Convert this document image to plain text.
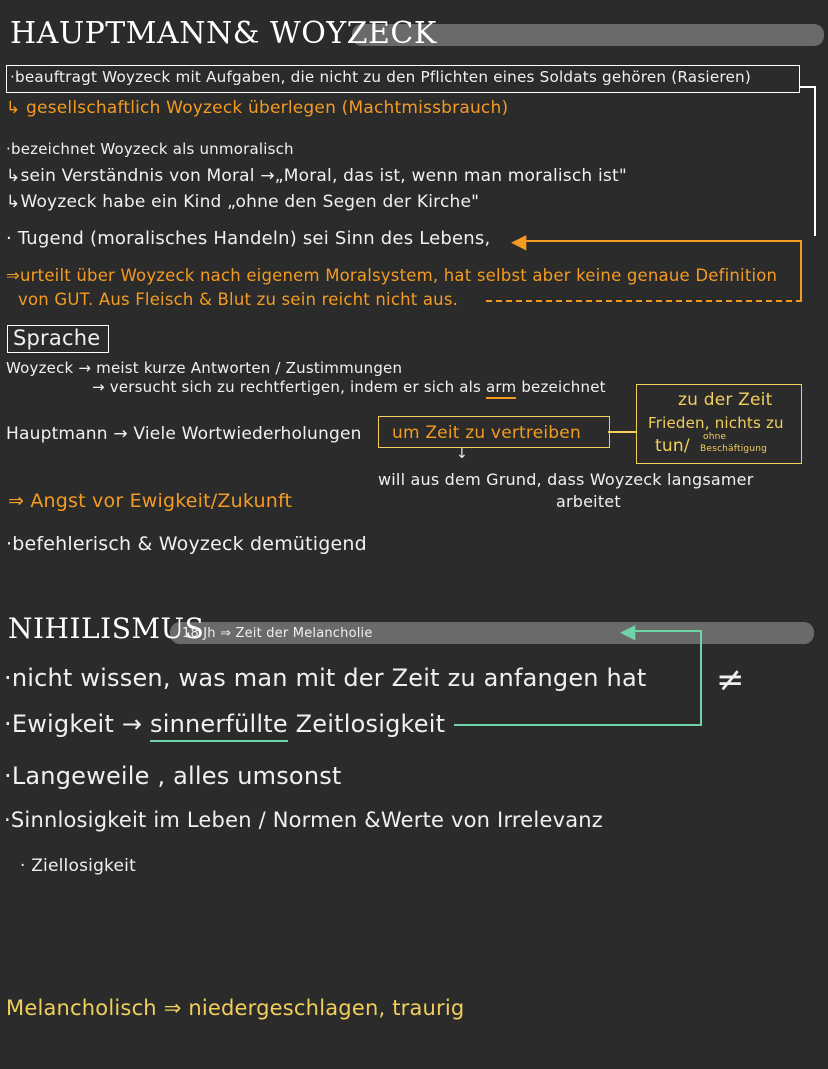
HAUPTMANN& WOYZECK
·beauftragt Woyzeck mit Aufgaben, die nicht zu den Pflichten eines Soldats gehören (Rasieren)
↳ gesellschaftlich Woyzeck überlegen (Machtmissbrauch)
·bezeichnet Woyzeck als unmoralisch
↳sein Verständnis von Moral →„Moral, das ist, wenn man moralisch ist"
↳Woyzeck habe ein Kind „ohne den Segen der Kirche"
· Tugend (moralisches Handeln) sei Sinn des Lebens, ◀
⇒urteilt über Woyzeck nach eigenem Moralsystem, hat selbst aber keine genaue Definition
von GUT. Aus Fleisch & Blut zu sein reicht nicht aus.
Sprache
Woyzeck → meist kurze Antworten / Zustimmungen
→ versucht sich zu rechtfertigen, indem er sich als arm bezeichnet
Hauptmann → Viele Wortwiederholungen um Zeit zu vertreiben
↓
will aus dem Grund, dass Woyzeck langsamer
arbeitet
zu der Zeit
Frieden, nichts zu
tun/ ohne
Beschäftigung
⇒ Angst vor Ewigkeit/Zukunft
·befehlerisch & Woyzeck demütigend
NIHILISMUS
18 Jh ⇒ Zeit der Melancholie	◀
≠
·nicht wissen, was man mit der Zeit zu anfangen hat
·Ewigkeit → sinnerfüllte Zeitlosigkeit
·Langeweile , alles umsonst
·Sinnlosigkeit im Leben / Normen &Werte von Irrelevanz
· Ziellosigkeit
Melancholisch ⇒ niedergeschlagen, traurig
